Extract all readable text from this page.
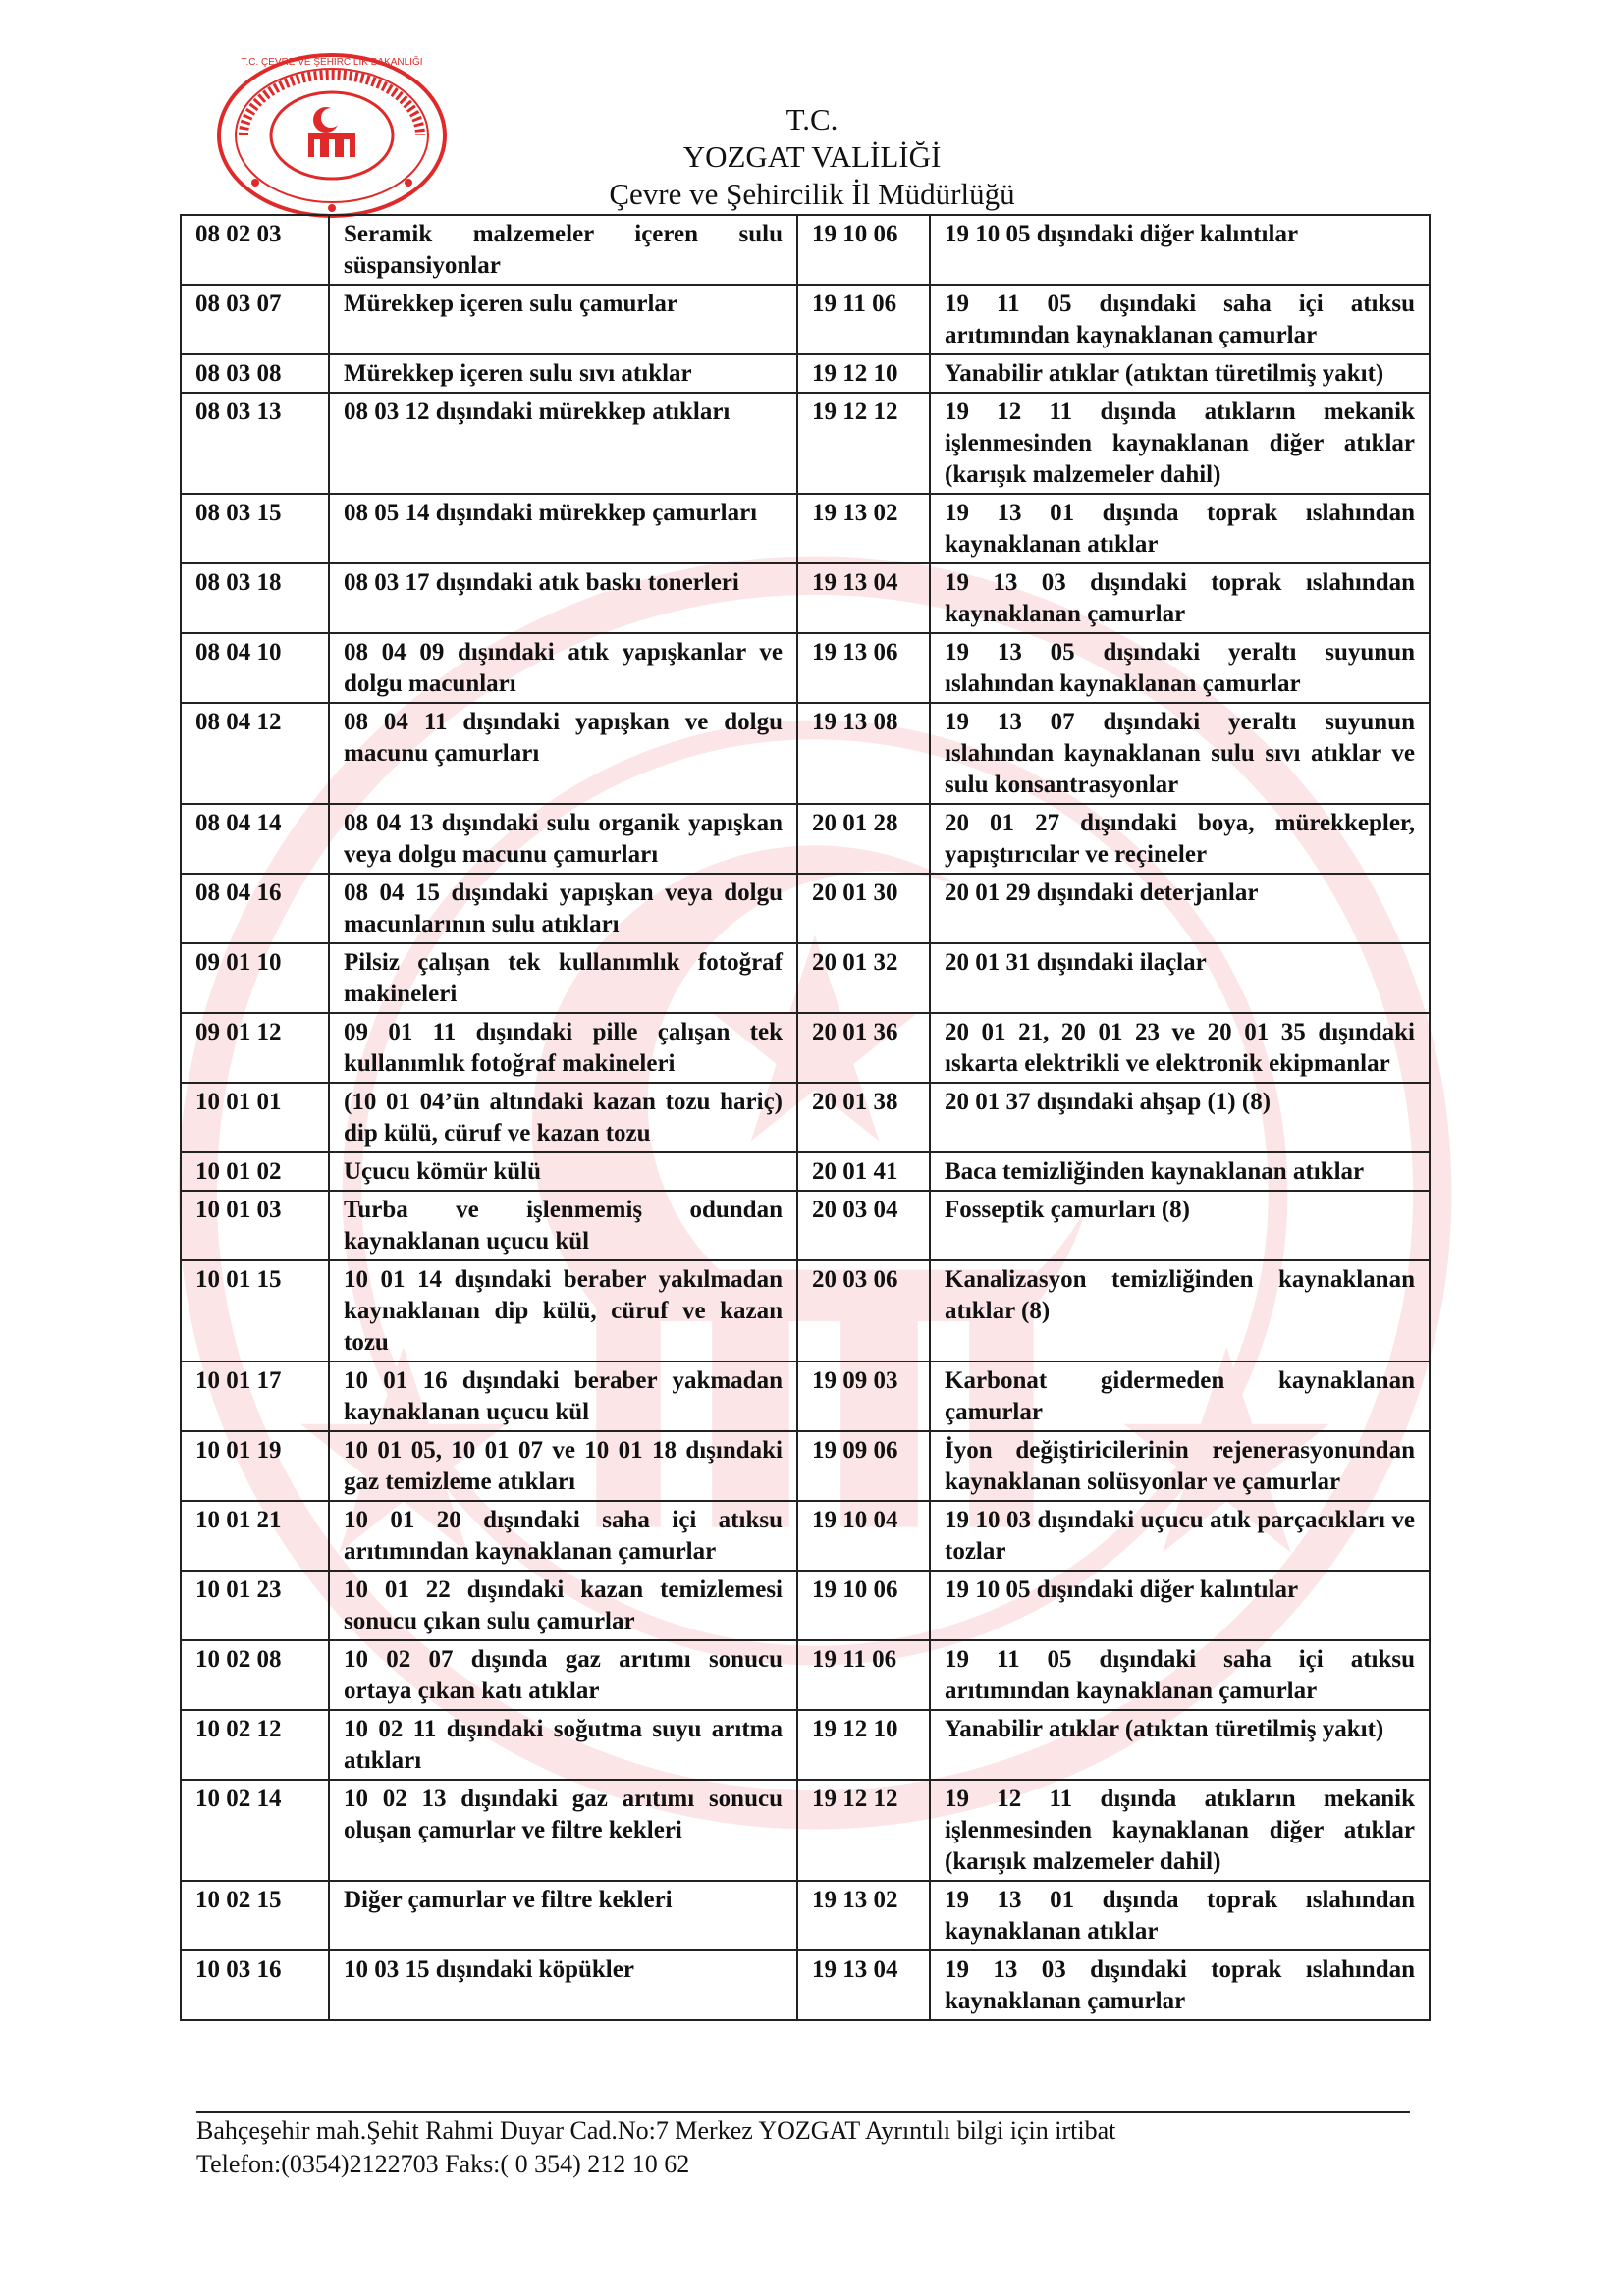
T.C. ÇEVRE VE ŞEHİRCİLİK BAKANLIĞI
T.C.
YOZGAT VALİLİĞİ
Çevre ve Şehircilik İl Müdürlüğü
08 02 03	Seramik malzemeler içeren sulu süspansiyonlar	19 10 06	19 10 05 dışındaki diğer kalıntılar
08 03 07	Mürekkep içeren sulu çamurlar	19 11 06	19 11 05 dışındaki saha içi atıksu arıtımından kaynaklanan çamurlar
08 03 08	Mürekkep içeren sulu sıvı atıklar	19 12 10	Yanabilir atıklar (atıktan türetilmiş yakıt)
08 03 13	08 03 12 dışındaki mürekkep atıkları	19 12 12	19 12 11 dışında atıkların mekanik işlenmesinden kaynaklanan diğer atıklar (karışık malzemeler dahil)
08 03 15	08 05 14 dışındaki mürekkep çamurları	19 13 02	19 13 01 dışında toprak ıslahından kaynaklanan atıklar
08 03 18	08 03 17 dışındaki atık baskı tonerleri	19 13 04	19 13 03 dışındaki toprak ıslahından kaynaklanan çamurlar
08 04 10	08 04 09 dışındaki atık yapışkanlar ve dolgu macunları	19 13 06	19 13 05 dışındaki yeraltı suyunun ıslahından kaynaklanan çamurlar
08 04 12	08 04 11 dışındaki yapışkan ve dolgu macunu çamurları	19 13 08	19 13 07 dışındaki yeraltı suyunun ıslahından kaynaklanan sulu sıvı atıklar ve sulu konsantrasyonlar
08 04 14	08 04 13 dışındaki sulu organik yapışkan veya dolgu macunu çamurları	20 01 28	20 01 27 dışındaki boya, mürekkepler, yapıştırıcılar ve reçineler
08 04 16	08 04 15 dışındaki yapışkan veya dolgu macunlarının sulu atıkları	20 01 30	20 01 29 dışındaki deterjanlar
09 01 10	Pilsiz çalışan tek kullanımlık fotoğraf makineleri	20 01 32	20 01 31 dışındaki ilaçlar
09 01 12	09 01 11 dışındaki pille çalışan tek kullanımlık fotoğraf makineleri	20 01 36	20 01 21, 20 01 23 ve 20 01 35 dışındaki ıskarta elektrikli ve elektronik ekipmanlar
10 01 01	(10 01 04’ün altındaki kazan tozu hariç) dip külü, cüruf ve kazan tozu	20 01 38	20 01 37 dışındaki ahşap (1) (8)
10 01 02	Uçucu kömür külü	20 01 41	Baca temizliğinden kaynaklanan atıklar
10 01 03	Turba ve işlenmemiş odundan kaynaklanan uçucu kül	20 03 04	Fosseptik çamurları (8)
10 01 15	10 01 14 dışındaki beraber yakılmadan kaynaklanan dip külü, cüruf ve kazan tozu	20 03 06	Kanalizasyon temizliğinden kaynaklanan atıklar (8)
10 01 17	10 01 16 dışındaki beraber yakmadan kaynaklanan uçucu kül	19 09 03	Karbonat gidermeden kaynaklanan çamurlar
10 01 19	10 01 05, 10 01 07 ve 10 01 18 dışındaki gaz temizleme atıkları	19 09 06	İyon değiştiricilerinin rejenerasyonundan kaynaklanan solüsyonlar ve çamurlar
10 01 21	10 01 20 dışındaki saha içi atıksu arıtımından kaynaklanan çamurlar	19 10 04	19 10 03 dışındaki uçucu atık parçacıkları ve tozlar
10 01 23	10 01 22 dışındaki kazan temizlemesi sonucu çıkan sulu çamurlar	19 10 06	19 10 05 dışındaki diğer kalıntılar
10 02 08	10 02 07 dışında gaz arıtımı sonucu ortaya çıkan katı atıklar	19 11 06	19 11 05 dışındaki saha içi atıksu arıtımından kaynaklanan çamurlar
10 02 12	10 02 11 dışındaki soğutma suyu arıtma atıkları	19 12 10	Yanabilir atıklar (atıktan türetilmiş yakıt)
10 02 14	10 02 13 dışındaki gaz arıtımı sonucu oluşan çamurlar ve filtre kekleri	19 12 12	19 12 11 dışında atıkların mekanik işlenmesinden kaynaklanan diğer atıklar (karışık malzemeler dahil)
10 02 15	Diğer çamurlar ve filtre kekleri	19 13 02	19 13 01 dışında toprak ıslahından kaynaklanan atıklar
10 03 16	10 03 15 dışındaki köpükler	19 13 04	19 13 03 dışındaki toprak ıslahından kaynaklanan çamurlar
Bahçeşehir mah.Şehit Rahmi Duyar Cad.No:7 Merkez YOZGAT Ayrıntılı bilgi için irtibat
Telefon:(0354)2122703 Faks:( 0 354) 212 10 62
